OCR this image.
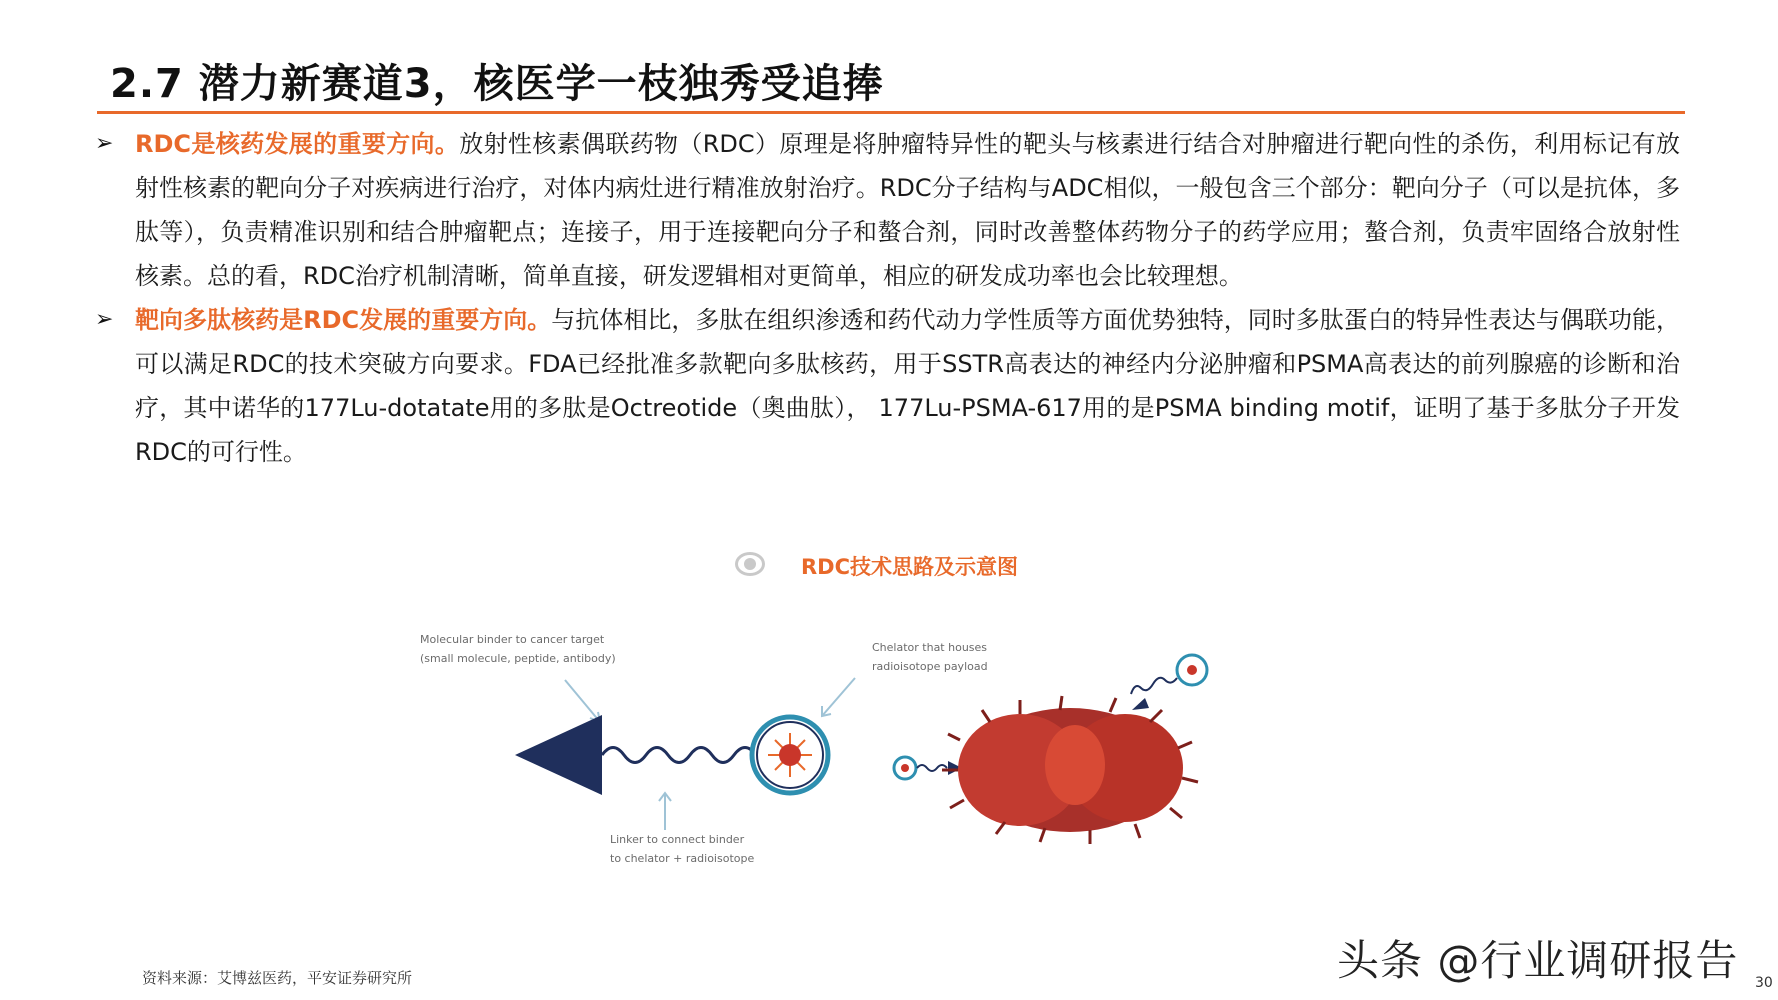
2.7 潜力新赛道3，核医学一枝独秀受追捧
➢ RDC是核药发展的重要方向。放射性核素偶联药物（RDC）原理是将肿瘤特异性的靶头与核素进行结合对肿瘤进行靶向性的杀伤，利用标记有放射性核素的靶向分子对疾病进行治疗，对体内病灶进行精准放射治疗。RDC分子结构与ADC相似，一般包含三个部分：靶向分子（可以是抗体，多肽等），负责精准识别和结合肿瘤靶点；连接子，用于连接靶向分子和螯合剂，同时改善整体药物分子的药学应用；螯合剂，负责牢固络合放射性核素。总的看，RDC治疗机制清晰，简单直接，研发逻辑相对更简单，相应的研发成功率也会比较理想。
➢ 靶向多肽核药是RDC发展的重要方向。与抗体相比，多肽在组织渗透和药代动力学性质等方面优势独特，同时多肽蛋白的特异性表达与偶联功能，可以满足RDC的技术突破方向要求。FDA已经批准多款靶向多肽核药，用于SSTR高表达的神经内分泌肿瘤和PSMA高表达的前列腺癌的诊断和治疗，其中诺华的177Lu-dotatate用的多肽是Octreotide（奥曲肽）， 177Lu-PSMA-617用的是PSMA binding motif，证明了基于多肽分子开发RDC的可行性。
RDC技术思路及示意图
Molecular binder to cancer target
(small molecule, peptide, antibody)
Chelator that houses
radioisotope payload
Linker to connect binder
to chelator + radioisotope
资料来源：艾博兹医药，平安证券研究所	头条 @行业调研报告 30
